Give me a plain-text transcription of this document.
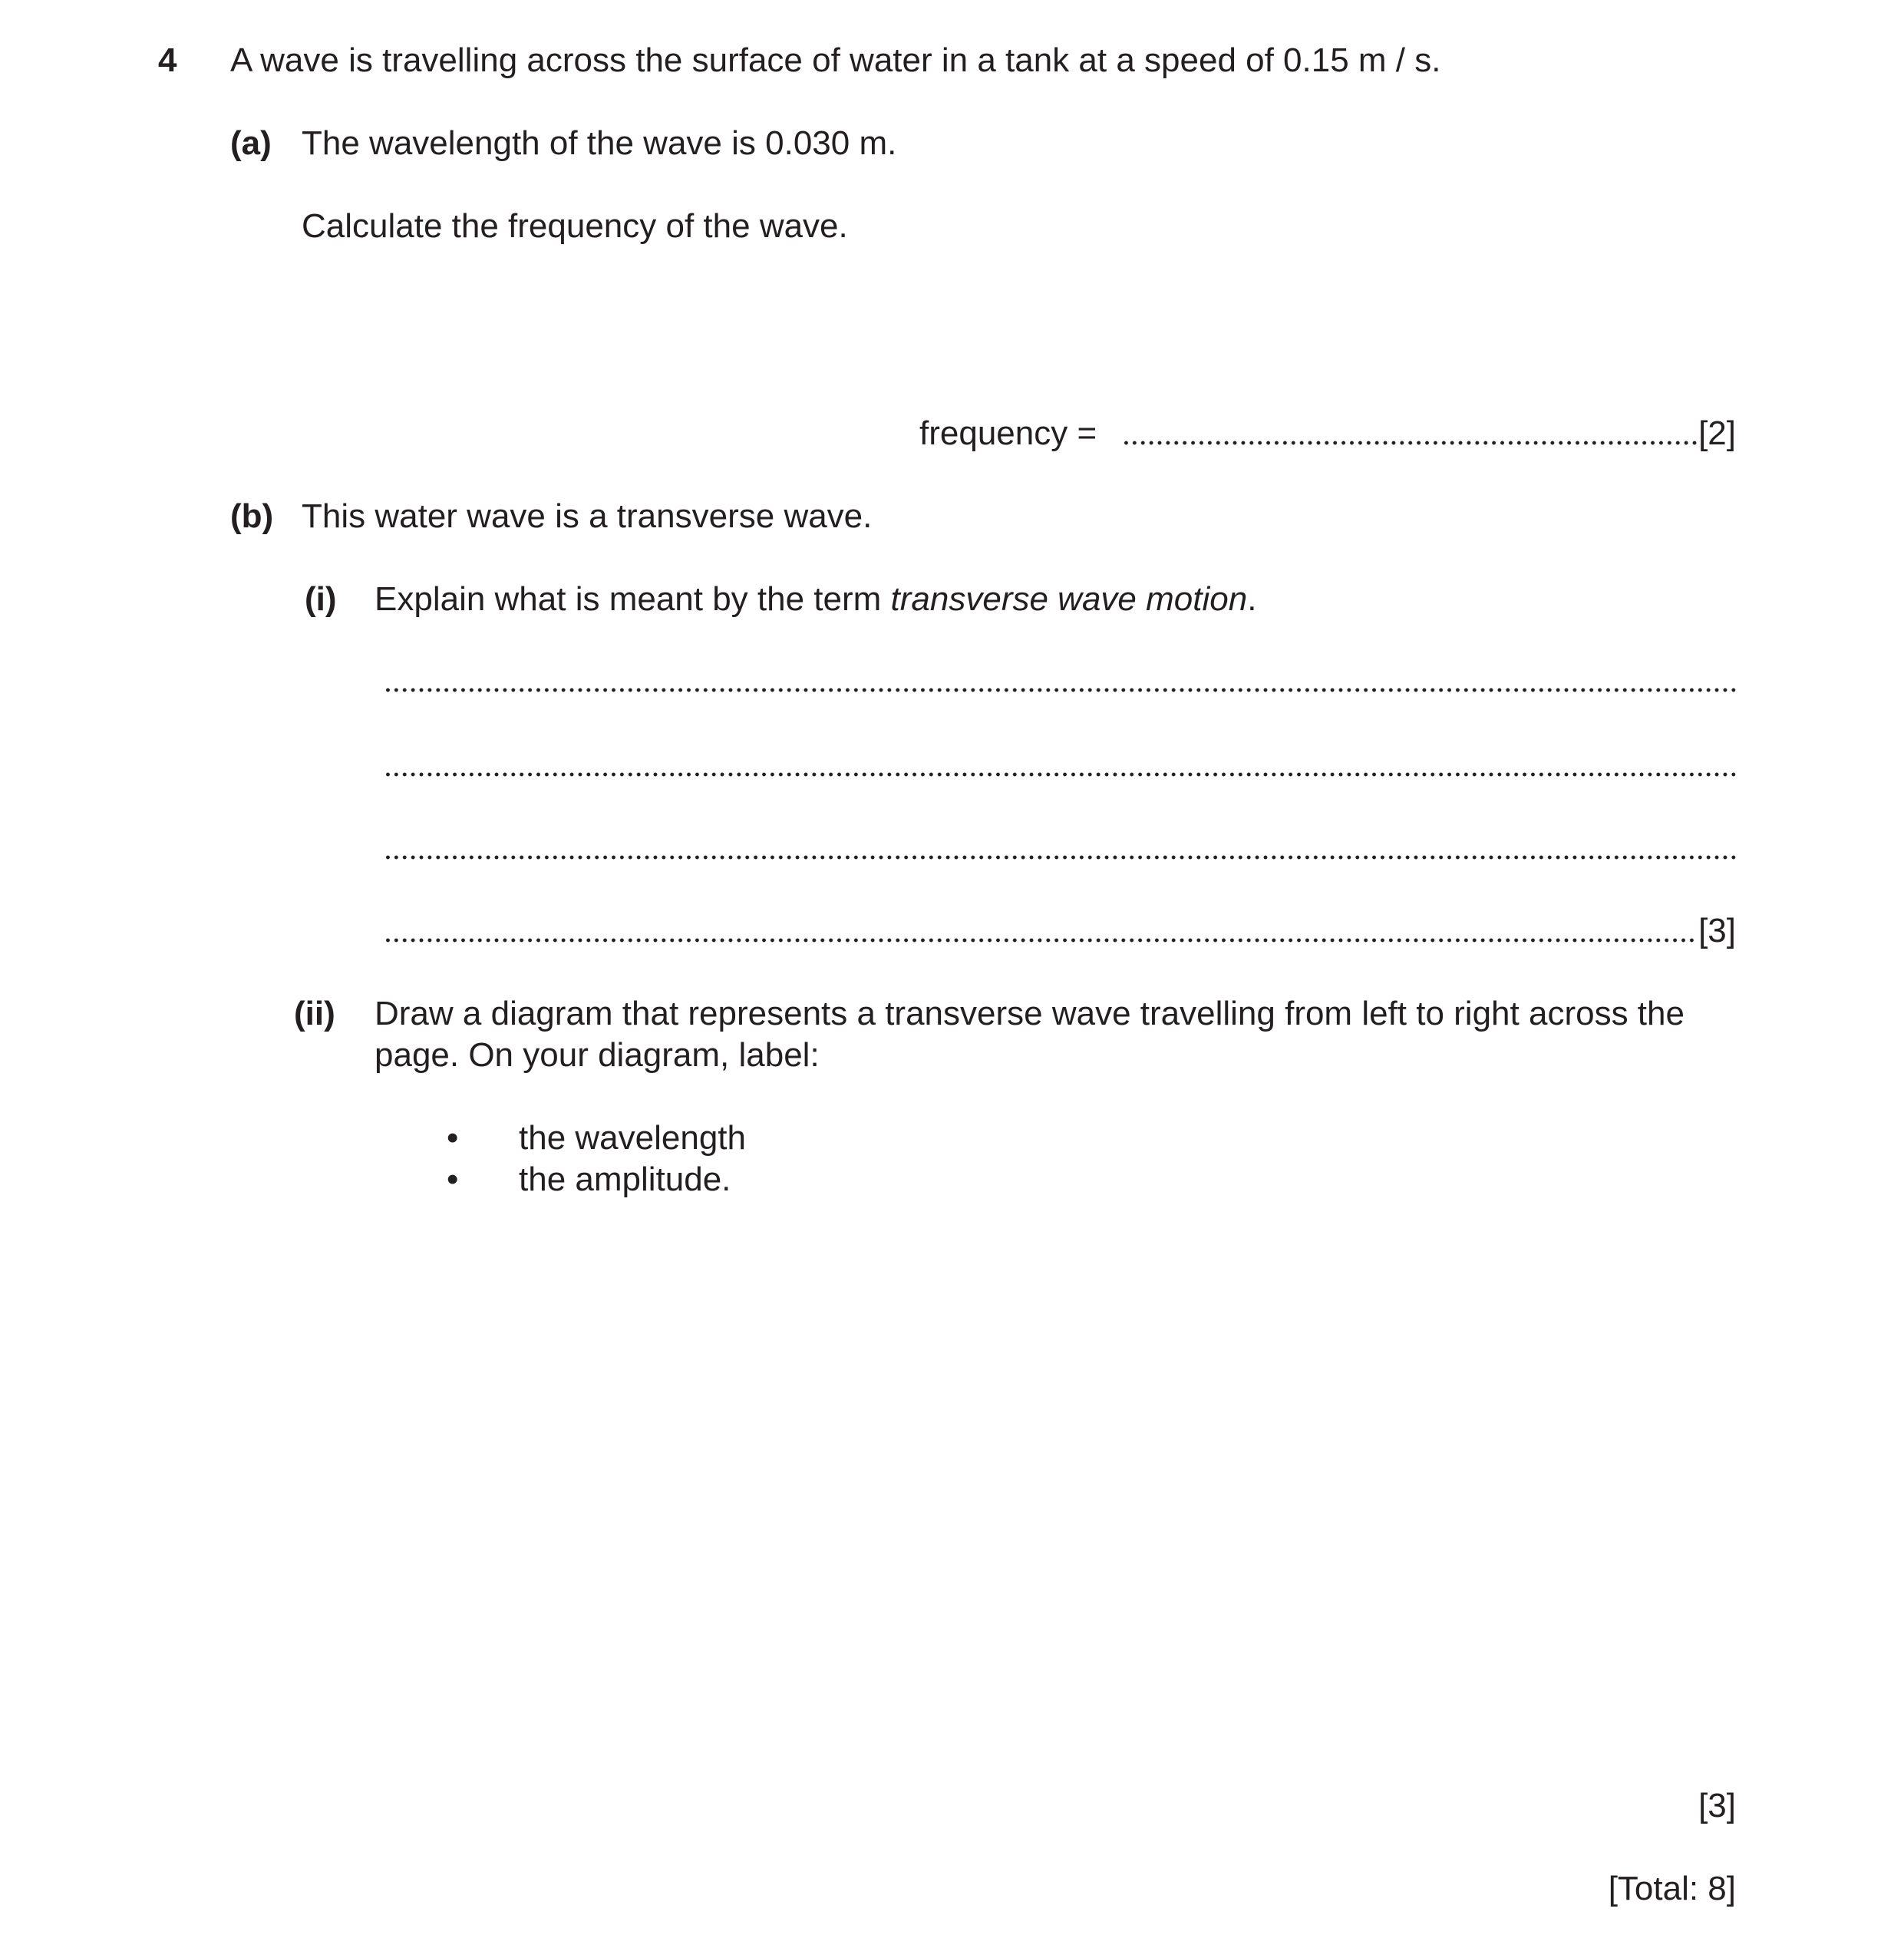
4 A wave is travelling across the surface of water in a tank at a speed of 0.15 m / s.
(a) The wavelength of the wave is 0.030 m.
Calculate the frequency of the wave.
frequency =	[2]
(b) This water wave is a transverse wave.
(i) Explain what is meant by the term transverse wave motion.
[3]
(ii) Draw a diagram that represents a transverse wave travelling from left to right across the
page. On your diagram, label:
• the wavelength
• the amplitude.
[3]
[Total: 8]
